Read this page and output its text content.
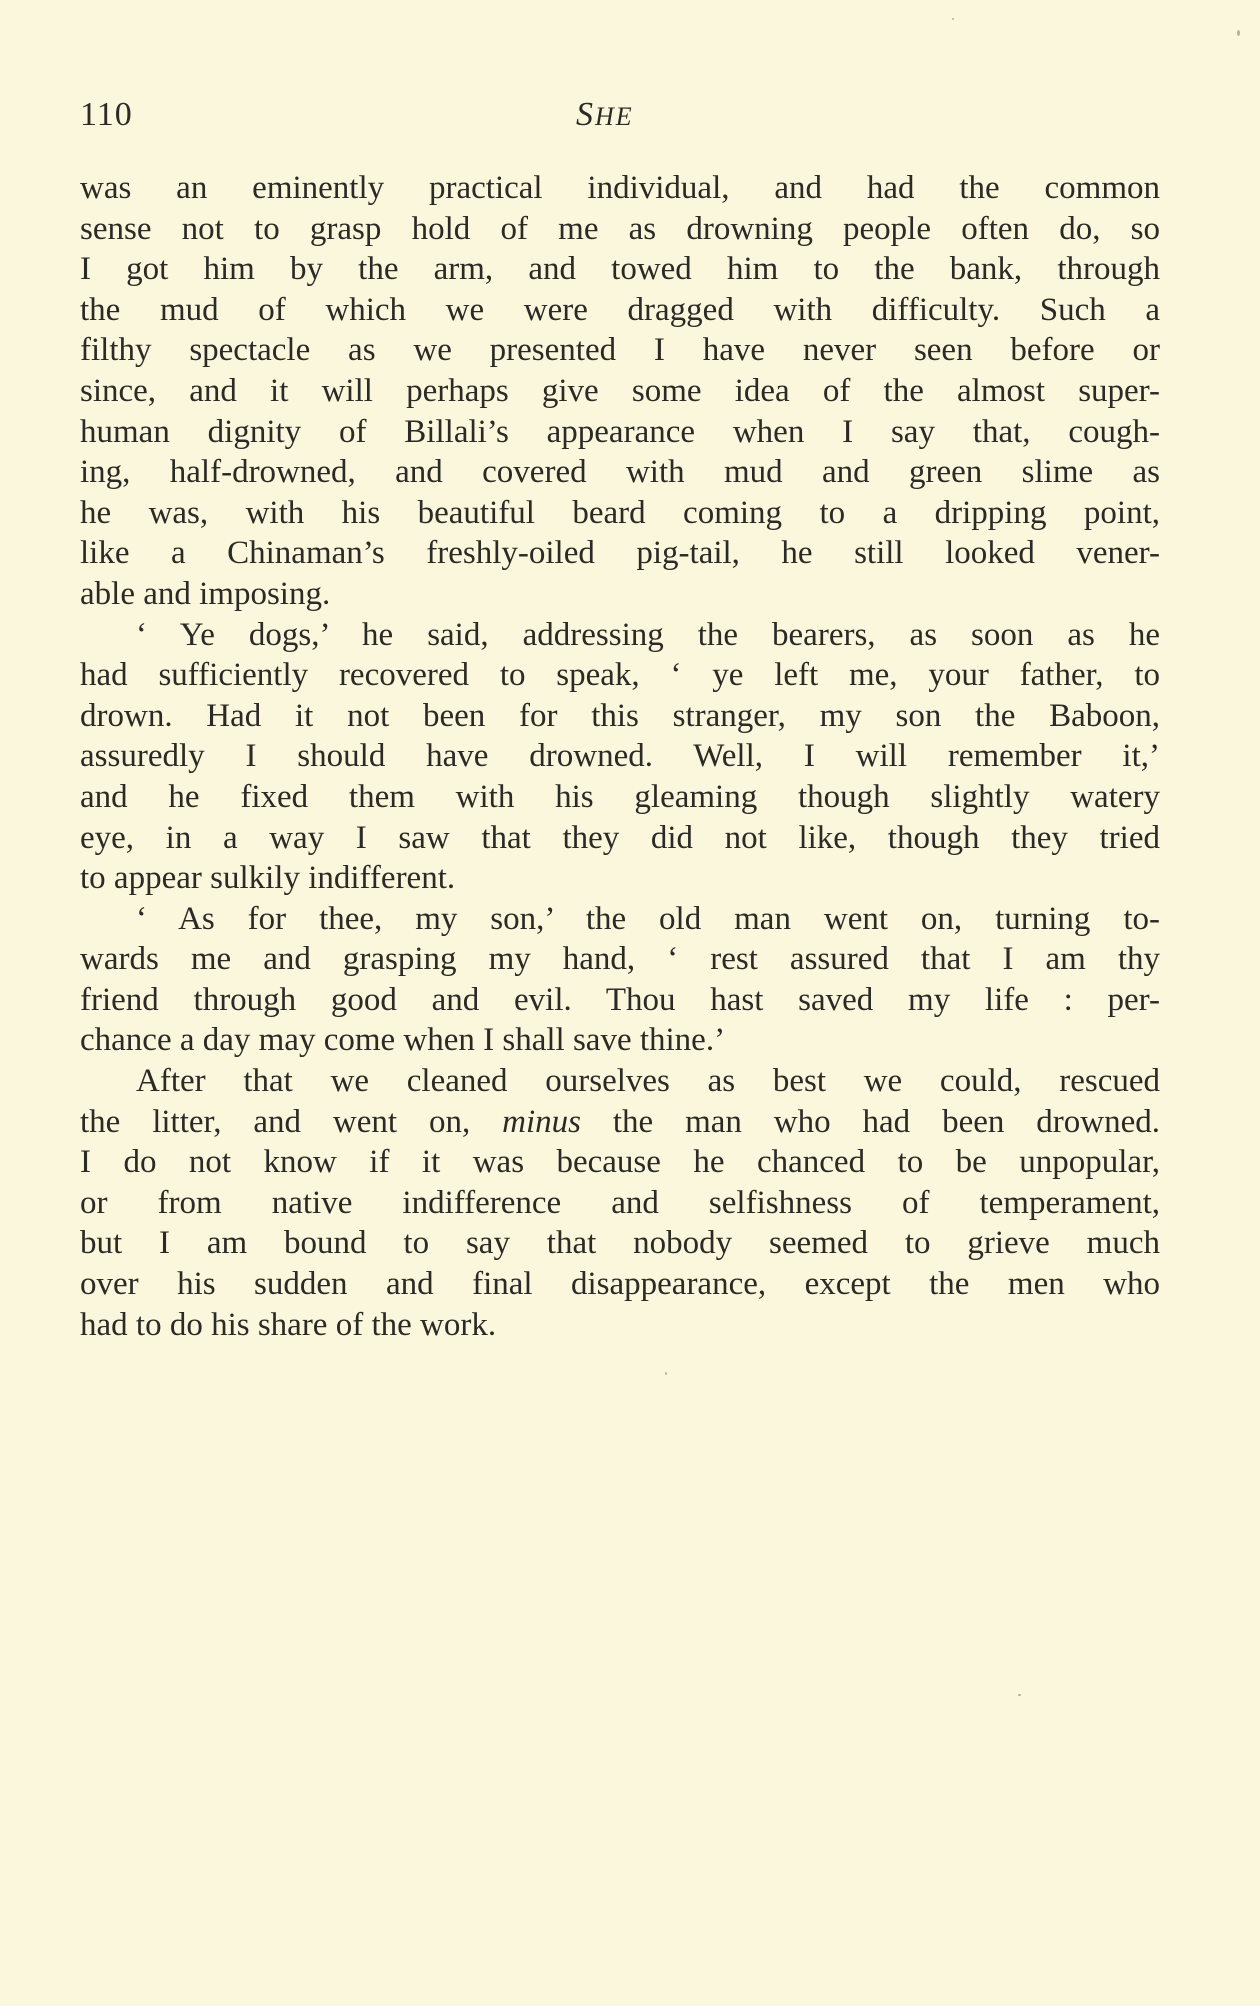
110	SHE
was an eminently practical individual, and had the common
sense not to grasp hold of me as drowning people often do, so
I got him by the arm, and towed him to the bank, through
the mud of which we were dragged with difficulty. Such a
filthy spectacle as we presented I have never seen before or
since, and it will perhaps give some idea of the almost super-
human dignity of Billali’s appearance when I say that, cough-
ing, half-drowned, and covered with mud and green slime as
he was, with his beautiful beard coming to a dripping point,
like a Chinaman’s freshly-oiled pig-tail, he still looked vener-
able and imposing.
‘ Ye dogs,’ he said, addressing the bearers, as soon as he
had sufficiently recovered to speak, ‘ ye left me, your father, to
drown. Had it not been for this stranger, my son the Baboon,
assuredly I should have drowned. Well, I will remember it,’
and he fixed them with his gleaming though slightly watery
eye, in a way I saw that they did not like, though they tried
to appear sulkily indifferent.
‘ As for thee, my son,’ the old man went on, turning to-
wards me and grasping my hand, ‘ rest assured that I am thy
friend through good and evil. Thou hast saved my life : per-
chance a day may come when I shall save thine.’
After that we cleaned ourselves as best we could, rescued
the litter, and went on, minus the man who had been drowned.
I do not know if it was because he chanced to be unpopular,
or from native indifference and selfishness of temperament,
but I am bound to say that nobody seemed to grieve much
over his sudden and final disappearance, except the men who
had to do his share of the work.
